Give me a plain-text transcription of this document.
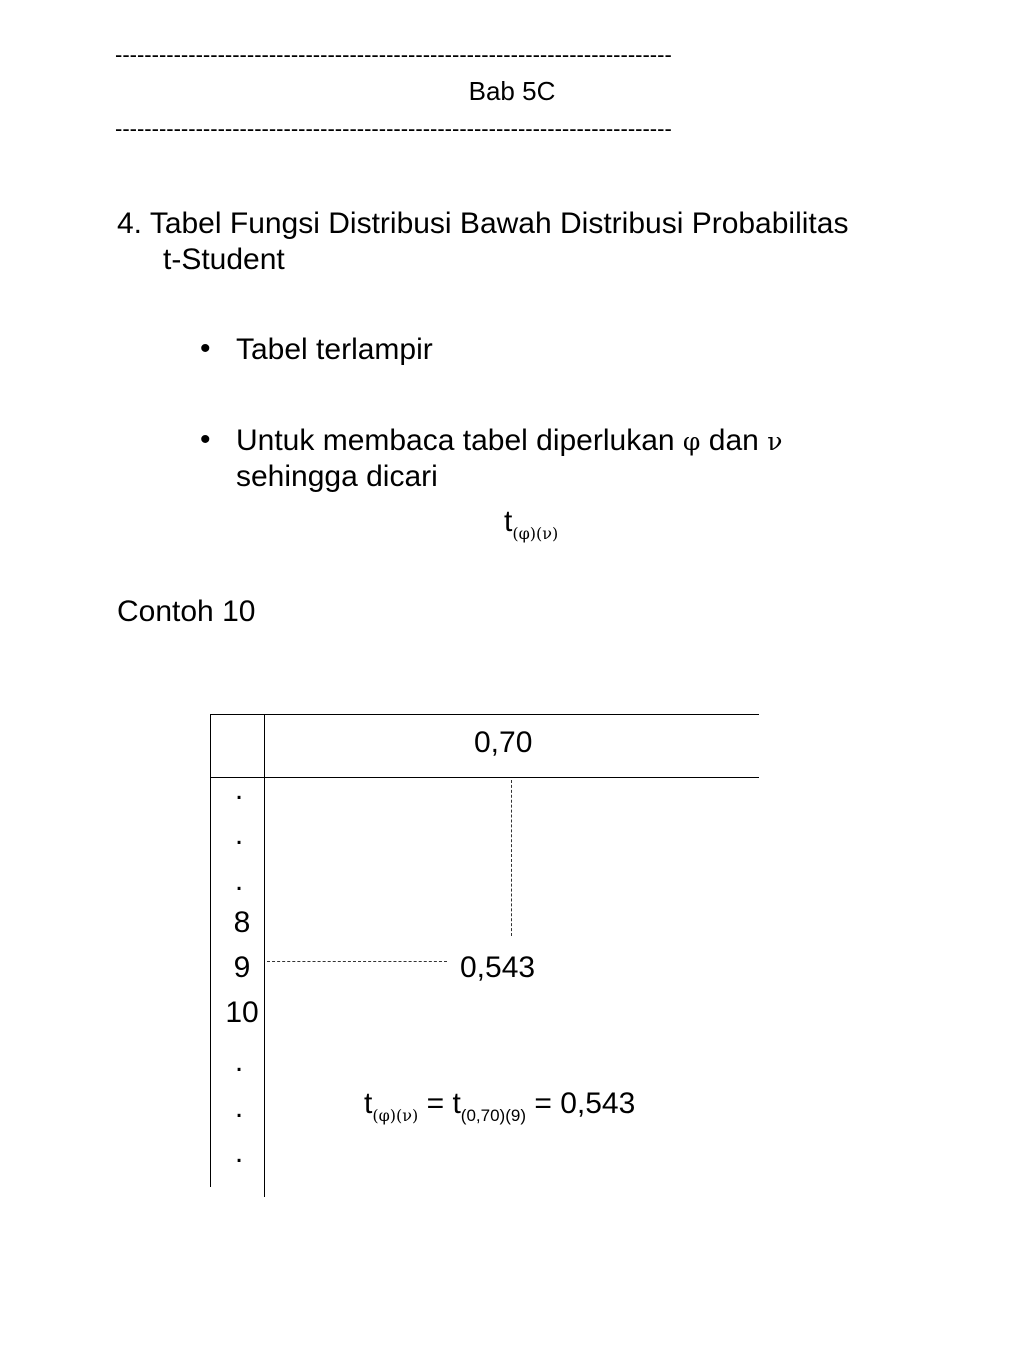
----------------------------------------------------------------------------
Bab 5C
----------------------------------------------------------------------------
4. Tabel Fungsi Distribusi Bawah Distribusi Probabilitas
t-Student
• Tabel terlampir
• Untuk membaca tabel diperlukan φ dan ν
sehingga dicari
$t_{(\varphi)(\nu)}$
Contoh 10
0,70
.
.
.
8
9
10
.
.
.
0,543
$t_{(\varphi)(\nu)} = t_{(0,70)(9)} = 0,543$
